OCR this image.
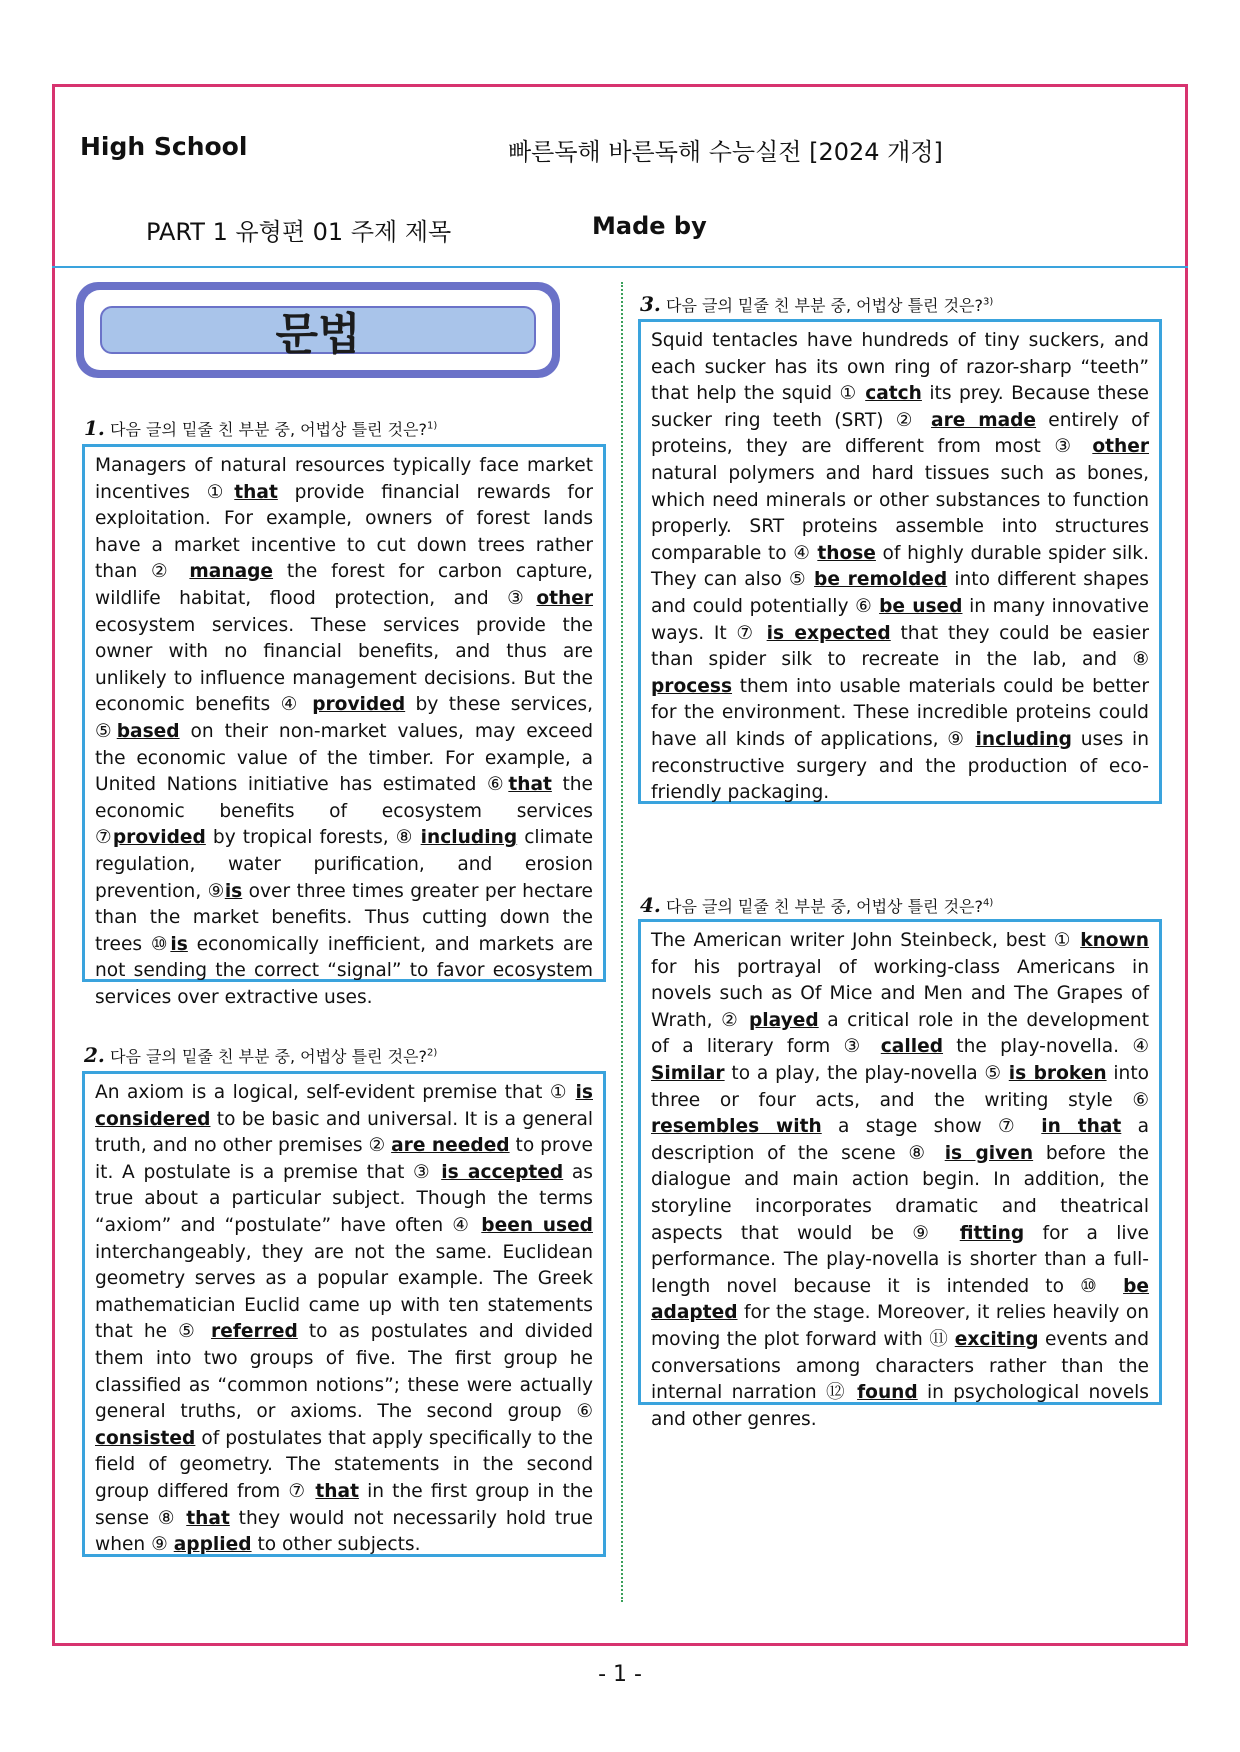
High School	빠른독해 바른독해 수능실전 [2024 개정]
PART 1 유형편 01 주제 제목	Made by
문법
1. 다음 글의 밑줄 친 부분 중, 어법상 틀린 것은?$^{1)}$
Managers of natural resources typically face market incentives ①that provide financial rewards for exploitation. For example, owners of forest lands have a market incentive to cut down trees rather than ② manage the forest for carbon capture, wildlife habitat, flood protection, and ③other ecosystem services. These services provide the owner with no financial benefits, and thus are unlikely to influence management decisions. But the economic benefits ④ provided by these services, ⑤based on their non-market values, may exceed the economic value of the timber. For example, a United Nations initiative has estimated ⑥that the economic benefits of ecosystem services ⑦provided by tropical forests, ⑧ including climate regulation, water purification, and erosion prevention, ⑨is over three times greater per hectare than the market benefits. Thus cutting down the trees ⑩is economically inefficient, and markets are not sending the correct “signal” to favor ecosystem services over extractive uses.
2. 다음 글의 밑줄 친 부분 중, 어법상 틀린 것은?$^{2)}$
An axiom is a logical, self-evident premise that ① is considered to be basic and universal. It is a general truth, and no other premises ② are needed to prove it. A postulate is a premise that ③ is accepted as true about a particular subject. Though the terms “axiom” and “postulate” have often ④ been used interchangeably, they are not the same. Euclidean geometry serves as a popular example. The Greek mathematician Euclid came up with ten statements that he ⑤ referred to as postulates and divided them into two groups of five. The first group he classified as “common notions”; these were actually general truths, or axioms. The second group ⑥ consisted of postulates that apply specifically to the field of geometry. The statements in the second group differed from ⑦ that in the first group in the sense ⑧ that they would not necessarily hold true when ⑨ applied to other subjects.
3. 다음 글의 밑줄 친 부분 중, 어법상 틀린 것은?$^{3)}$
Squid tentacles have hundreds of tiny suckers, and each sucker has its own ring of razor-sharp “teeth” that help the squid ① catch its prey. Because these sucker ring teeth (SRT) ② are made entirely of proteins, they are different from most ③ other natural polymers and hard tissues such as bones, which need minerals or other substances to function properly. SRT proteins assemble into structures comparable to ④ those of highly durable spider silk. They can also ⑤ be remolded into different shapes and could potentially ⑥ be used in many innovative ways. It ⑦ is expected that they could be easier than spider silk to recreate in the lab, and ⑧ process them into usable materials could be better for the environment. These incredible proteins could have all kinds of applications, ⑨ including uses in reconstructive surgery and the production of eco-friendly packaging.
4. 다음 글의 밑줄 친 부분 중, 어법상 틀린 것은?$^{4)}$
The American writer John Steinbeck, best ① known for his portrayal of working-class Americans in novels such as Of Mice and Men and The Grapes of Wrath, ② played a critical role in the development of a literary form ③ called the play-novella. ④ Similar to a play, the play-novella ⑤ is broken into three or four acts, and the writing style ⑥ resembles with a stage show ⑦ in that a description of the scene ⑧ is given before the dialogue and main action begin. In addition, the storyline incorporates dramatic and theatrical aspects that would be ⑨ fitting for a live performance. The play-novella is shorter than a full-length novel because it is intended to ⑩ be adapted for the stage. Moreover, it relies heavily on moving the plot forward with ⑪ exciting events and conversations among characters rather than the internal narration ⑫ found in psychological novels and other genres.
- 1 -
